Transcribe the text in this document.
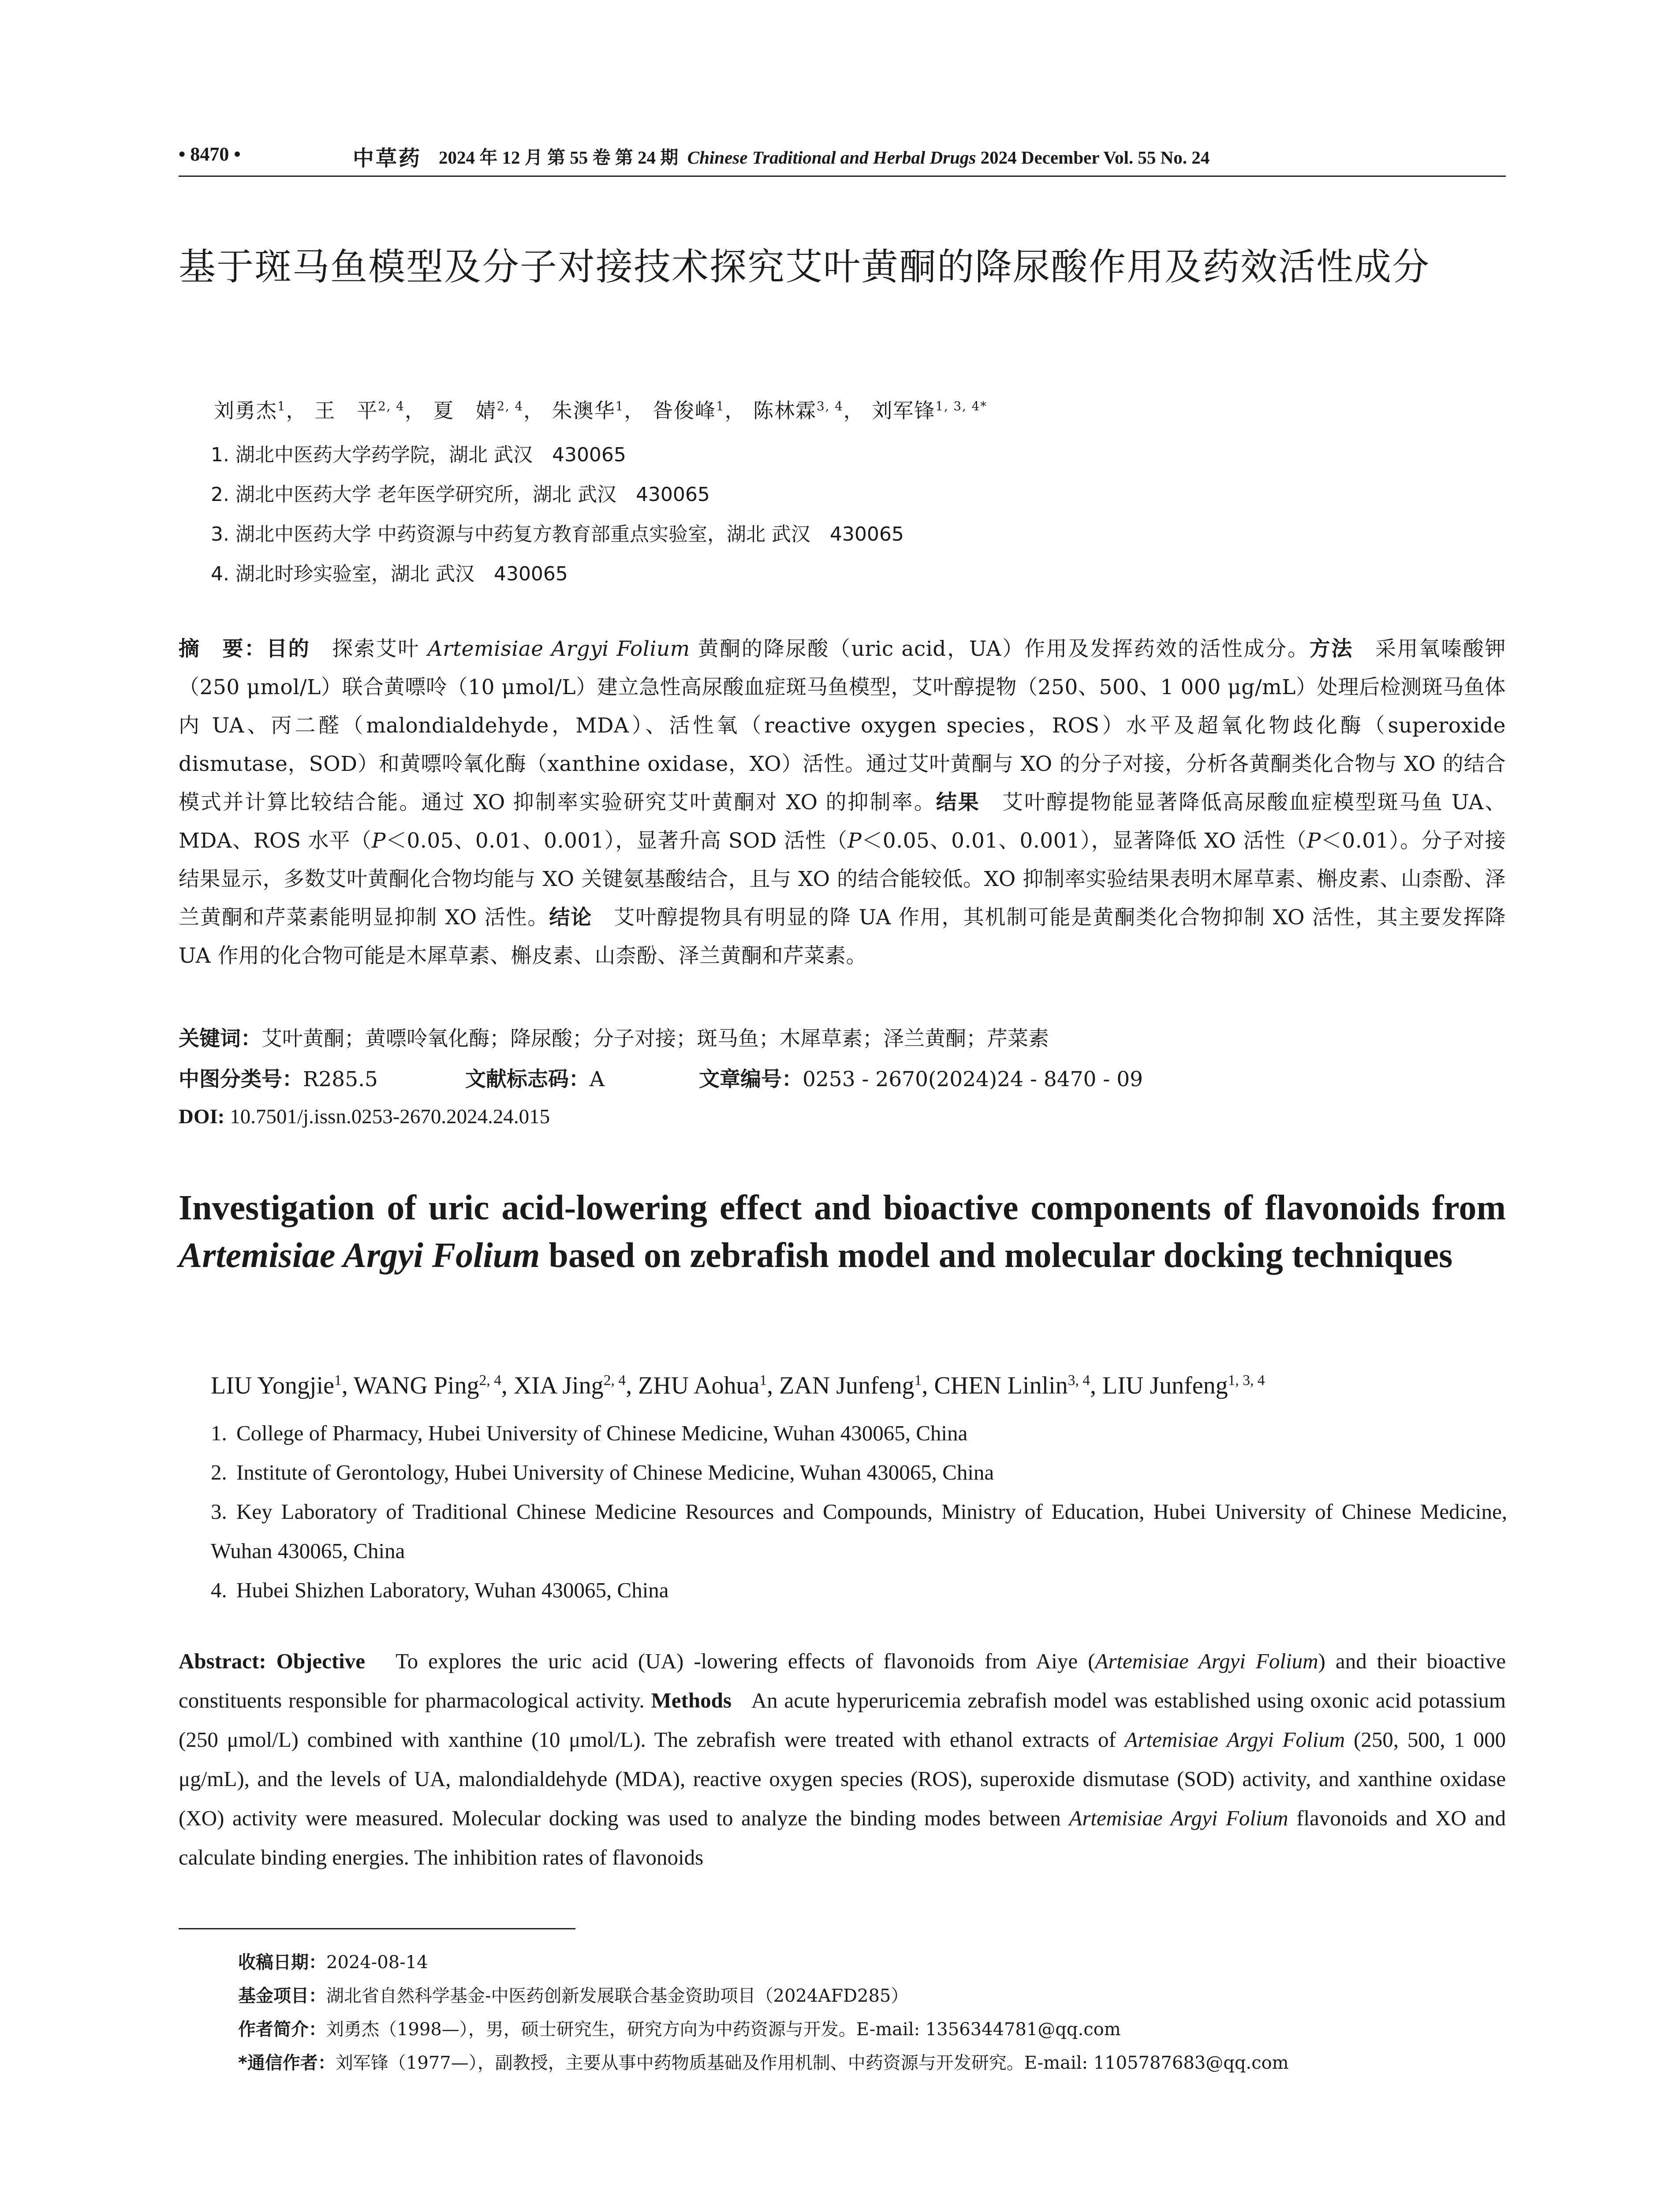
• 8470 •	中草药 2024 年 12 月 第 55 卷 第 24 期 Chinese Traditional and Herbal Drugs 2024 December Vol. 55 No. 24
基于斑马鱼模型及分子对接技术探究艾叶黄酮的降尿酸作用及药效活性成分
刘勇杰$^1$， 王　平$^{2, 4}$， 夏　婧$^{2, 4}$， 朱澳华$^1$， 昝俊峰$^1$， 陈林霖$^{3, 4}$， 刘军锋$^{1, 3, 4*}$
1. 湖北中医药大学药学院，湖北 武汉　430065
2. 湖北中医药大学 老年医学研究所，湖北 武汉　430065
3. 湖北中医药大学 中药资源与中药复方教育部重点实验室，湖北 武汉　430065
4. 湖北时珍实验室，湖北 武汉　430065
摘　要：目的　 探索艾叶 Artemisiae Argyi Folium 黄酮的降尿酸（uric acid，UA）作用及发挥药效的活性成分。方法　 采用氧嗪酸钾（250 μmol/L）联合黄嘌呤（10 μmol/L）建立急性高尿酸血症斑马鱼模型，艾叶醇提物（250、500、1 000 μg/mL）处理后检测斑马鱼体内 UA、丙二醛（malondialdehyde，MDA）、活性氧（reactive oxygen species，ROS）水平及超氧化物歧化酶（superoxide dismutase，SOD）和黄嘌呤氧化酶（xanthine oxidase，XO）活性。通过艾叶黄酮与 XO 的分子对接，分析各黄酮类化合物与 XO 的结合模式并计算比较结合能。通过 XO 抑制率实验研究艾叶黄酮对 XO 的抑制率。结果　 艾叶醇提物能显著降低高尿酸血症模型斑马鱼 UA、MDA、ROS 水平（P＜0.05、0.01、0.001），显著升高 SOD 活性（P＜0.05、0.01、0.001），显著降低 XO 活性（P＜0.01）。分子对接结果显示，多数艾叶黄酮化合物均能与 XO 关键氨基酸结合，且与 XO 的结合能较低。XO 抑制率实验结果表明木犀草素、槲皮素、山柰酚、泽兰黄酮和芹菜素能明显抑制 XO 活性。结论　 艾叶醇提物具有明显的降 UA 作用，其机制可能是黄酮类化合物抑制 XO 活性，其主要发挥降 UA 作用的化合物可能是木犀草素、槲皮素、山柰酚、泽兰黄酮和芹菜素。
关键词：艾叶黄酮；黄嘌呤氧化酶；降尿酸；分子对接；斑马鱼；木犀草素；泽兰黄酮；芹菜素
中图分类号：R285.5	文献标志码：A	文章编号：0253 - 2670(2024)24 - 8470 - 09
DOI: 10.7501/j.issn.0253-2670.2024.24.015
Investigation of uric acid-lowering effect and bioactive components of flavonoids from Artemisiae Argyi Folium based on zebrafish model and molecular docking techniques
LIU Yongjie$^1$, WANG Ping$^{2, 4}$, XIA Jing$^{2, 4}$, ZHU Aohua$^1$, ZAN Junfeng$^1$, CHEN Linlin$^{3, 4}$, LIU Junfeng$^{1, 3, 4}$
1. College of Pharmacy, Hubei University of Chinese Medicine, Wuhan 430065, China
2. Institute of Gerontology, Hubei University of Chinese Medicine, Wuhan 430065, China
3. Key Laboratory of Traditional Chinese Medicine Resources and Compounds, Ministry of Education, Hubei University of Chinese Medicine, Wuhan 430065, China
4. Hubei Shizhen Laboratory, Wuhan 430065, China
Abstract: Objective To explores the uric acid (UA) -lowering effects of flavonoids from Aiye (Artemisiae Argyi Folium) and their bioactive constituents responsible for pharmacological activity. Methods An acute hyperuricemia zebrafish model was established using oxonic acid potassium (250 μmol/L) combined with xanthine (10 μmol/L). The zebrafish were treated with ethanol extracts of Artemisiae Argyi Folium (250, 500, 1 000 μg/mL), and the levels of UA, malondialdehyde (MDA), reactive oxygen species (ROS), superoxide dismutase (SOD) activity, and xanthine oxidase (XO) activity were measured. Molecular docking was used to analyze the binding modes between Artemisiae Argyi Folium flavonoids and XO and calculate binding energies. The inhibition rates of flavonoids
收稿日期：2024-08-14
基金项目：湖北省自然科学基金-中医药创新发展联合基金资助项目（2024AFD285）
作者简介：刘勇杰（1998—），男，硕士研究生，研究方向为中药资源与开发。E-mail: 1356344781@qq.com
*通信作者：刘军锋（1977—），副教授，主要从事中药物质基础及作用机制、中药资源与开发研究。E-mail: 1105787683@qq.com
